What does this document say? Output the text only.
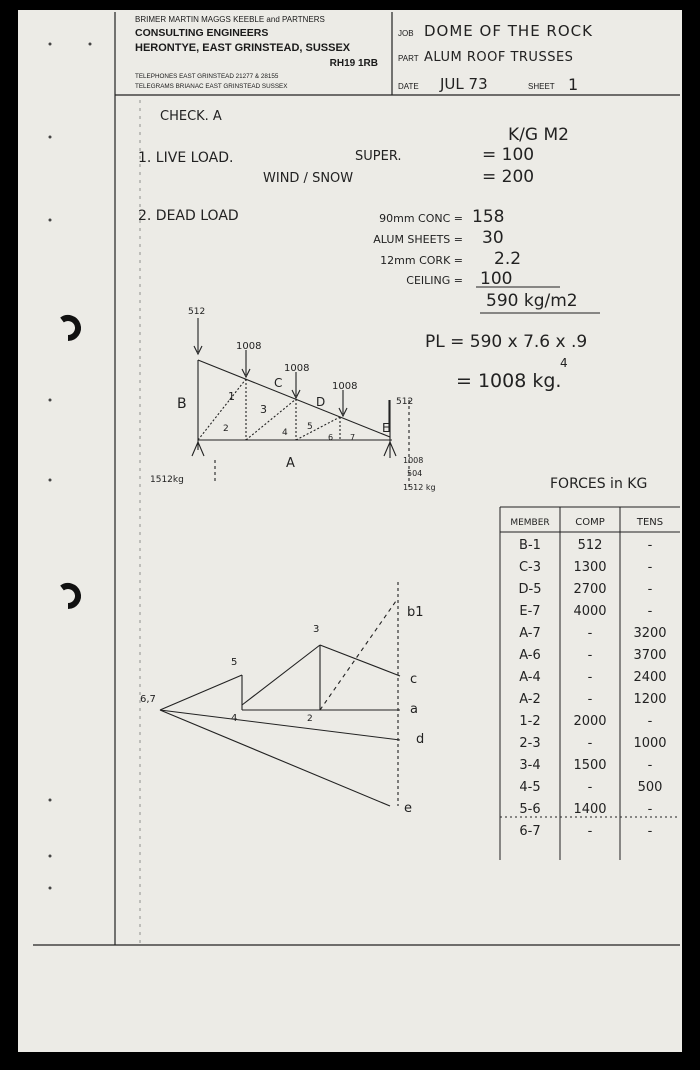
BRIMER MARTIN MAGGS KEEBLE and PARTNERS
CONSULTING ENGINEERS
HERONTYE, EAST GRINSTEAD, SUSSEX
RH19 1RB
TELEPHONES EAST GRINSTEAD 21277 & 28155
TELEGRAMS BRIANAC EAST GRINSTEAD SUSSEX
JOB DOME OF THE ROCK
PART ALUM ROOF TRUSSES
DATE JUL 73	SHEET 1
CHECK. A
K/G M2
1. LIVE LOAD.	SUPER.	= 100
WIND / SNOW	= 200
2. DEAD LOAD	90mm CONC = 158
ALUM SHEETS = 30
12mm CORK = 2.2
CEILING = 100
590 kg/m2
PL = 590 x 7.6 x .9
4
= 1008 kg.
512
1008
1008
1008
512
B	1
C
3
D
E
A
2	4
5
6 7
1512kg
1008
504
1512 kg
6,7
5
4
3
2
b1
c
a
d
e
FORCES in KG
MEMBER	COMP	TENS
B-1	512	-
C-3 1300	-
D-5 2700	-
E-7	4000	-
A-7	-	3200
A-6	-	3700
A-4	-	2400
A-2	-	1200
1-2	2000	-
2-3	-	1000
3-4	1500	-
4-5	-	500
5-6	1400	-
6-7	-	-
